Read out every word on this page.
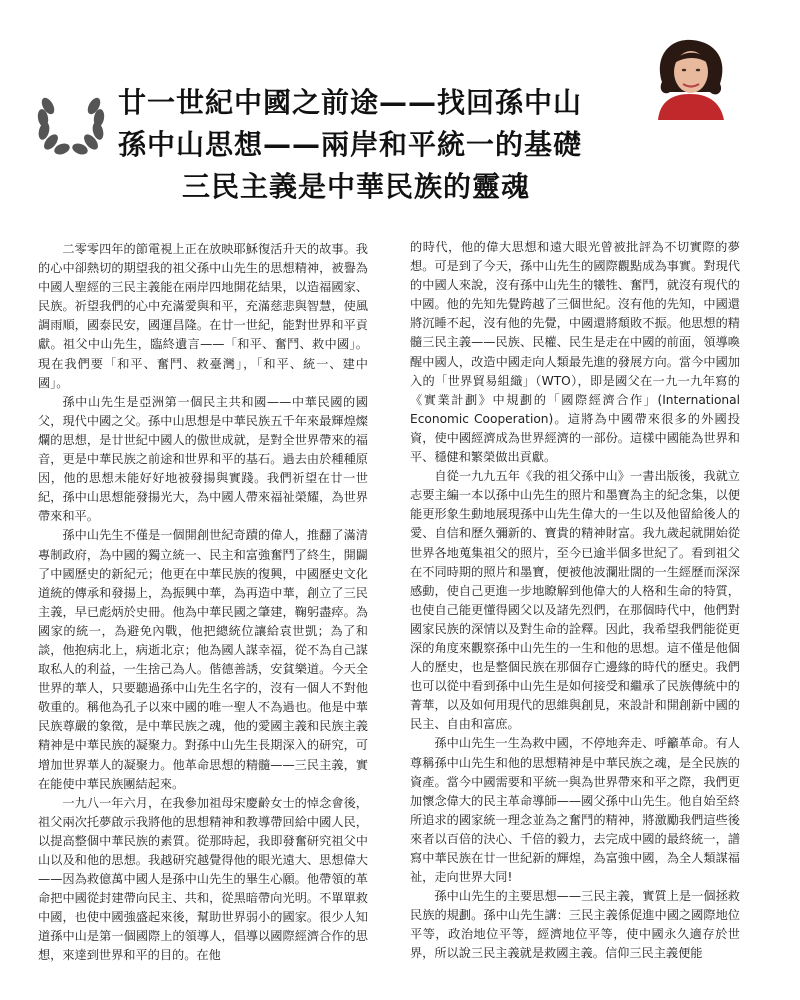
廿一世紀中國之前途——找回孫中山
孫中山思想——兩岸和平統一的基礎
三民主義是中華民族的靈魂

二零零四年的節電視上正在放映耶穌復活升天的故事。我的心中卻熱切的期望我的祖父孫中山先生的思想精神，被譽為中國人聖經的三民主義能在兩岸四地開花結果，以造福國家、民族。祈望我們的心中充滿愛與和平，充滿慈悲與智慧，使風調雨順，國泰民安，國運昌隆。在廿一世紀，能對世界和平貢獻。祖父中山先生，臨終遺言——「和平、奮鬥、救中國」。現在我們要「和平、奮鬥、救臺灣」，「和平、統一、建中國」。

孫中山先生是亞洲第一個民主共和國——中華民國的國父，現代中國之父。孫中山思想是中華民族五千年來最輝煌燦爛的思想，是廿世紀中國人的傲世成就，是對全世界帶來的福音，更是中華民族之前途和世界和平的基石。過去由於種種原因，他的思想未能好好地被發揚與實踐。我們祈望在廿一世紀，孫中山思想能發揚光大，為中國人帶來福祉榮耀，為世界帶來和平。

孫中山先生不僅是一個開創世紀奇蹟的偉人，推翻了滿清專制政府，為中國的獨立統一、民主和富強奮鬥了終生，開闢了中國歷史的新紀元；他更在中華民族的復興，中國歷史文化道統的傳承和發揚上，為振興中華，為再造中華，創立了三民主義，早已彪炳於史冊。他為中華民國之肇建，鞠躬盡瘁。為國家的統一，為避免內戰，他把總統位讓給袁世凱；為了和談，他抱病北上，病逝北京；他為國人謀幸福，從不為自己謀取私人的利益，一生捨己為人。偕德善誘，安貧樂道。今天全世界的華人，只要聽過孫中山先生名字的，沒有一個人不對他敬重的。稱他為孔子以來中國的唯一聖人不為過也。他是中華民族尊嚴的象徵，是中華民族之魂，他的愛國主義和民族主義精神是中華民族的凝聚力。對孫中山先生長期深入的研究，可增加世界華人的凝聚力。他革命思想的精髓——三民主義，實在能使中華民族團結起來。

一九八一年六月，在我參加祖母宋慶齡女士的悼念會後，祖父兩次托夢啟示我將他的思想精神和教導帶回給中國人民，以提高整個中華民族的素質。從那時起，我即發奮研究祖父中山以及和他的思想。我越研究越覺得他的眼光遠大、思想偉大——因為救億萬中國人是孫中山先生的畢生心願。他帶領的革命把中國從封建帶向民主、共和，從黑暗帶向光明。不單單救中國，也使中國強盛起來後，幫助世界弱小的國家。很少人知道孫中山是第一個國際上的領導人，倡導以國際經濟合作的思想，來達到世界和平的目的。在他

的時代，他的偉大思想和遠大眼光曾被批評為不切實際的夢想。可是到了今天，孫中山先生的國際觀點成為事實。對現代的中國人來說，沒有孫中山先生的犧牲、奮鬥，就沒有現代的中國。他的先知先覺跨越了三個世紀。沒有他的先知，中國還將沉睡不起，沒有他的先覺，中國還將頹敗不振。他思想的精髓三民主義——民族、民權、民生是走在中國的前面，領導喚醒中國人，改造中國走向人類最先進的發展方向。當今中國加入的「世界貿易組織」（WTO），即是國父在一九一九年寫的《實業計劃》中規劃的「國際經濟合作」(International Economic Cooperation)。這將為中國帶來很多的外國投資，使中國經濟成為世界經濟的一部份。這樣中國能為世界和平、穩健和繁榮做出貢獻。

自從一九九五年《我的祖父孫中山》一書出版後，我就立志要主編一本以孫中山先生的照片和墨寶為主的紀念集，以便能更形象生動地展現孫中山先生偉大的一生以及他留給後人的愛、自信和歷久彌新的、寶貴的精神財富。我九歲起就開始從世界各地蒐集祖父的照片，至今已逾半個多世紀了。看到祖父在不同時期的照片和墨寶，便被他波瀾壯闊的一生經歷而深深感動，使自己更進一步地瞭解到他偉大的人格和生命的特質，也使自己能更懂得國父以及諸先烈們，在那個時代中，他們對國家民族的深情以及對生命的詮釋。因此，我希望我們能從更深的角度來觀察孫中山先生的一生和他的思想。這不僅是他個人的歷史，也是整個民族在那個存亡邊緣的時代的歷史。我們也可以從中看到孫中山先生是如何接受和繼承了民族傳統中的菁華，以及如何用現代的思維與創見，來設計和開創新中國的民主、自由和富庶。

孫中山先生一生為救中國，不停地奔走、呼籲革命。有人尊稱孫中山先生和他的思想精神是中華民族之魂，是全民族的資產。當今中國需要和平統一與為世界帶來和平之際，我們更加懷念偉大的民主革命導師——國父孫中山先生。他自始至終所追求的國家統一理念並為之奮鬥的精神，將激勵我們這些後來者以百倍的決心、千倍的毅力，去完成中國的最終統一，譜寫中華民族在廿一世紀新的輝煌，為富強中國，為全人類謀福祉，走向世界大同!

孫中山先生的主要思想——三民主義，實質上是一個拯救民族的規劃。孫中山先生講：三民主義係促進中國之國際地位平等，政治地位平等，經濟地位平等，使中國永久適存於世界，所以說三民主義就是救國主義。信仰三民主義便能
